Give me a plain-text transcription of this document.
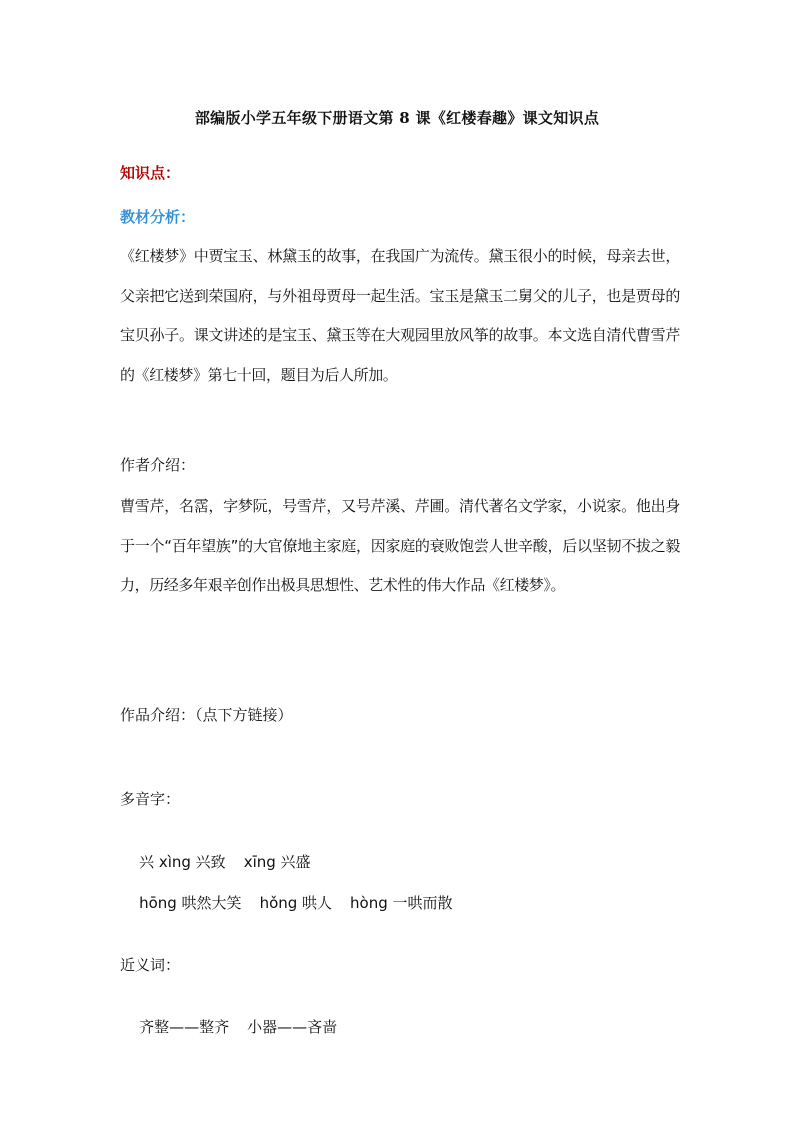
部编版小学五年级下册语文第 8 课《红楼春趣》课文知识点
知识点：
教材分析：
《红楼梦》中贾宝玉、林黛玉的故事，在我国广为流传。黛玉很小的时候，母亲去世，父亲把它送到荣国府，与外祖母贾母一起生活。宝玉是黛玉二舅父的儿子，也是贾母的宝贝孙子。课文讲述的是宝玉、黛玉等在大观园里放风筝的故事。本文选自清代曹雪芹的《红楼梦》第七十回，题目为后人所加。
作者介绍：
曹雪芹，名霑，字梦阮，号雪芹，又号芹溪、芹圃。清代著名文学家，小说家。他出身于一个“百年望族”的大官僚地主家庭，因家庭的衰败饱尝人世辛酸，后以坚韧不拔之毅力，历经多年艰辛创作出极具思想性、艺术性的伟大作品《红楼梦》。
作品介绍：（点下方链接）
多音字：

兴 xìng 兴致 xīng 兴盛

hōng 哄然大笑 hǒng 哄人 hòng 一哄而散

近义词：

齐整——整齐 小器——吝啬
